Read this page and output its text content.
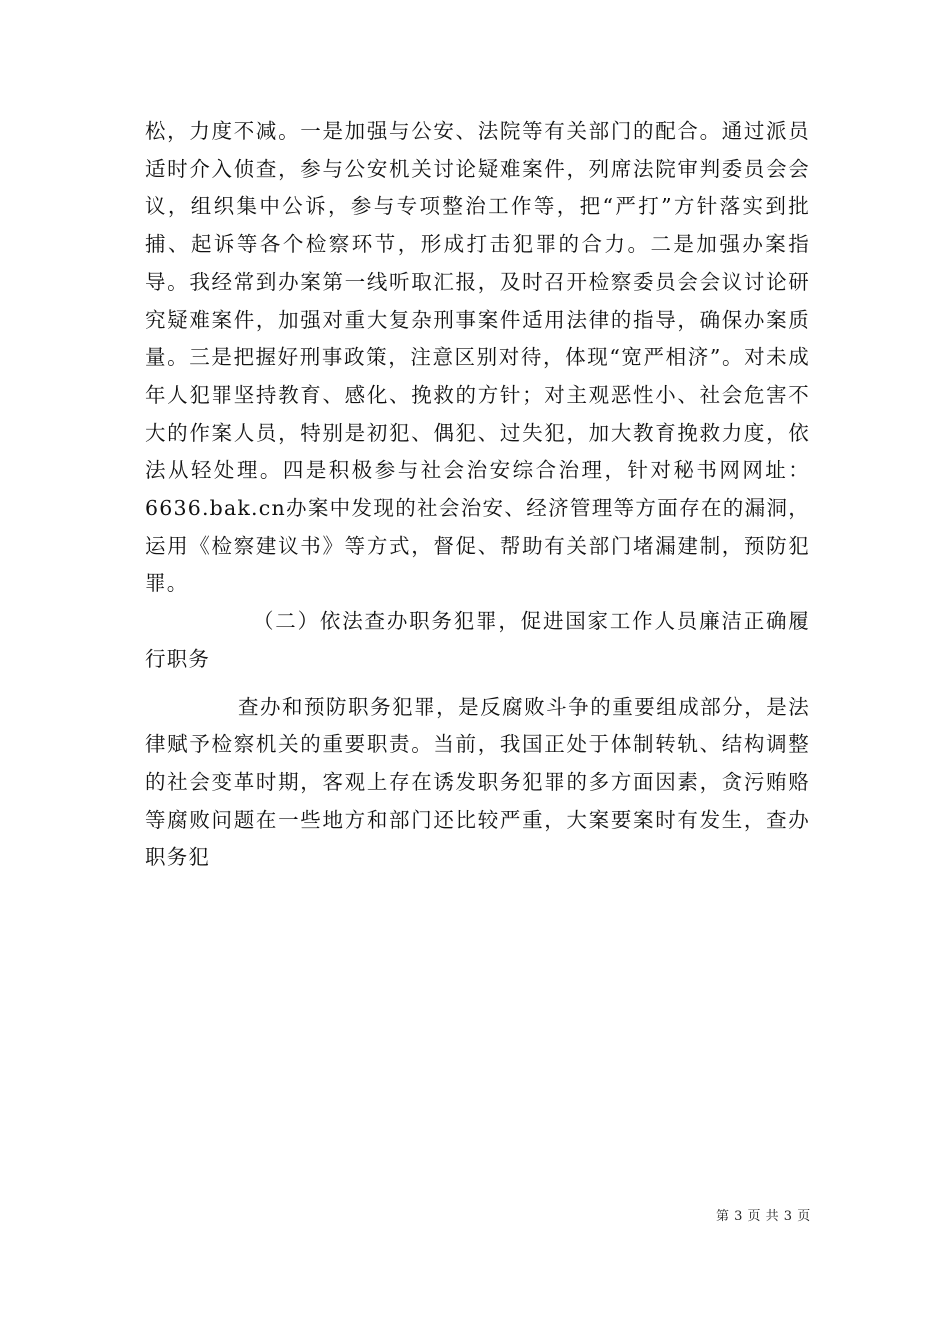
松，力度不减。一是加强与公安、法院等有关部门的配合。通过派员适时介入侦查，参与公安机关讨论疑难案件，列席法院审判委员会会议，组织集中公诉，参与专项整治工作等，把“严打”方针落实到批捕、起诉等各个检察环节，形成打击犯罪的合力。二是加强办案指导。我经常到办案第一线听取汇报，及时召开检察委员会会议讨论研究疑难案件，加强对重大复杂刑事案件适用法律的指导，确保办案质量。三是把握好刑事政策，注意区别对待，体现“宽严相济”。对未成年人犯罪坚持教育、感化、挽救的方针；对主观恶性小、社会危害不大的作案人员，特别是初犯、偶犯、过失犯，加大教育挽救力度，依法从轻处理。四是积极参与社会治安综合治理，针对秘书网网址：6636.bak.cn办案中发现的社会治安、经济管理等方面存在的漏洞，运用《检察建议书》等方式，督促、帮助有关部门堵漏建制，预防犯罪。

（二）依法查办职务犯罪，促进国家工作人员廉洁正确履行职务

查办和预防职务犯罪，是反腐败斗争的重要组成部分，是法律赋予检察机关的重要职责。当前，我国正处于体制转轨、结构调整的社会变革时期，客观上存在诱发职务犯罪的多方面因素，贪污贿赂等腐败问题在一些地方和部门还比较严重，大案要案时有发生，查办职务犯

第 3 页 共 3 页
